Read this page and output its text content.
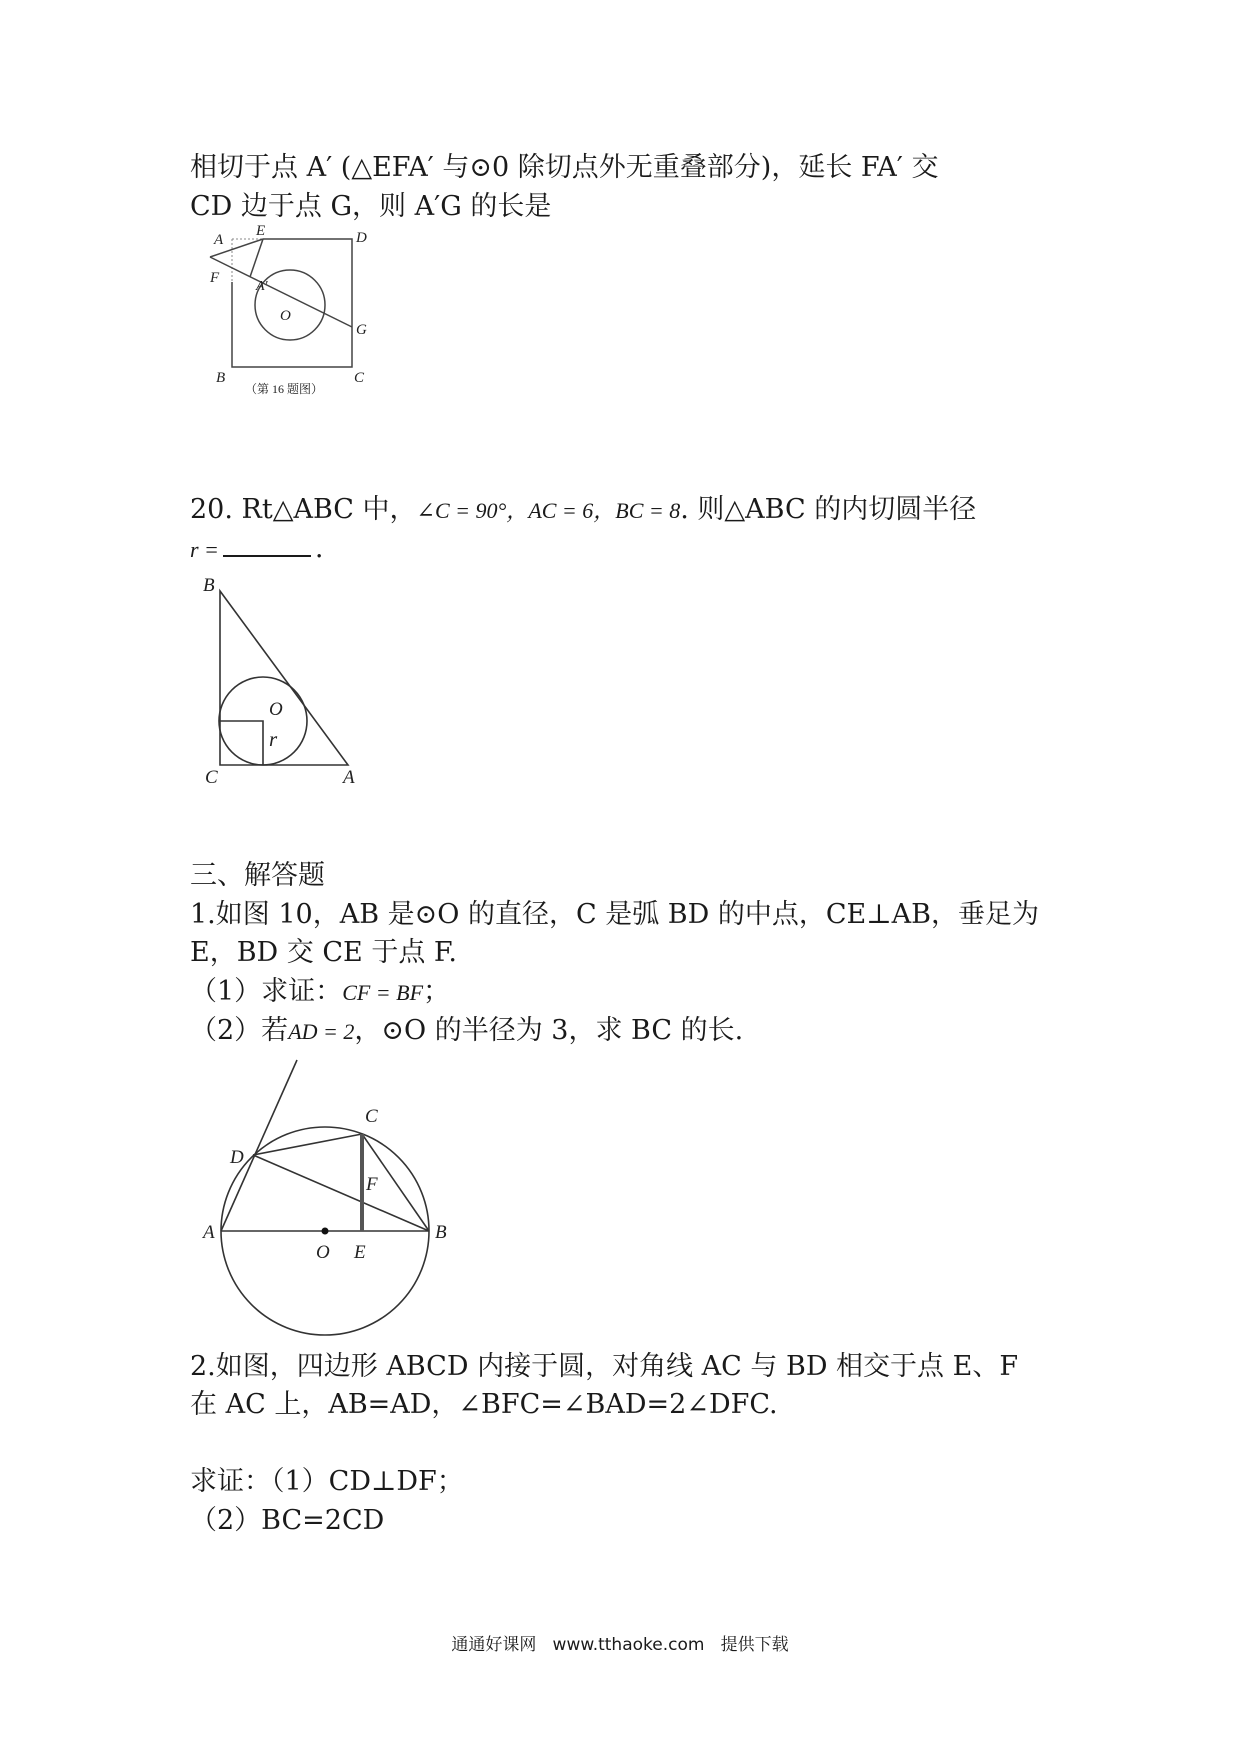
相切于点 A′ (△EFA′ 与⊙0 除切点外无重叠部分)，延长 FA′ 交
CD 边于点 G，则 A′G 的长是
A
E	D
F
A′
O
G
B	C
（第 16 题图）
20. Rt△ABC 中，∠C = 90°，AC = 6，BC = 8. 则△ABC 的内切圆半径
r =	.
B
O
r
C	A
三、解答题
1.如图 10，AB 是⊙O 的直径，C 是弧 BD 的中点，CE⊥AB，垂足为
E，BD 交 CE 于点 F.
（1）求证：CF = BF；
（2）若AD = 2，⊙O 的半径为 3，求 BC 的长.
C
D
F
A
O E
B
2.如图，四边形 ABCD 内接于圆，对角线 AC 与 BD 相交于点 E、F
在 AC 上，AB=AD，∠BFC=∠BAD=2∠DFC.
求证：（1）CD⊥DF；
（2）BC=2CD
通通好课网 www.tthaoke.com 提供下载
